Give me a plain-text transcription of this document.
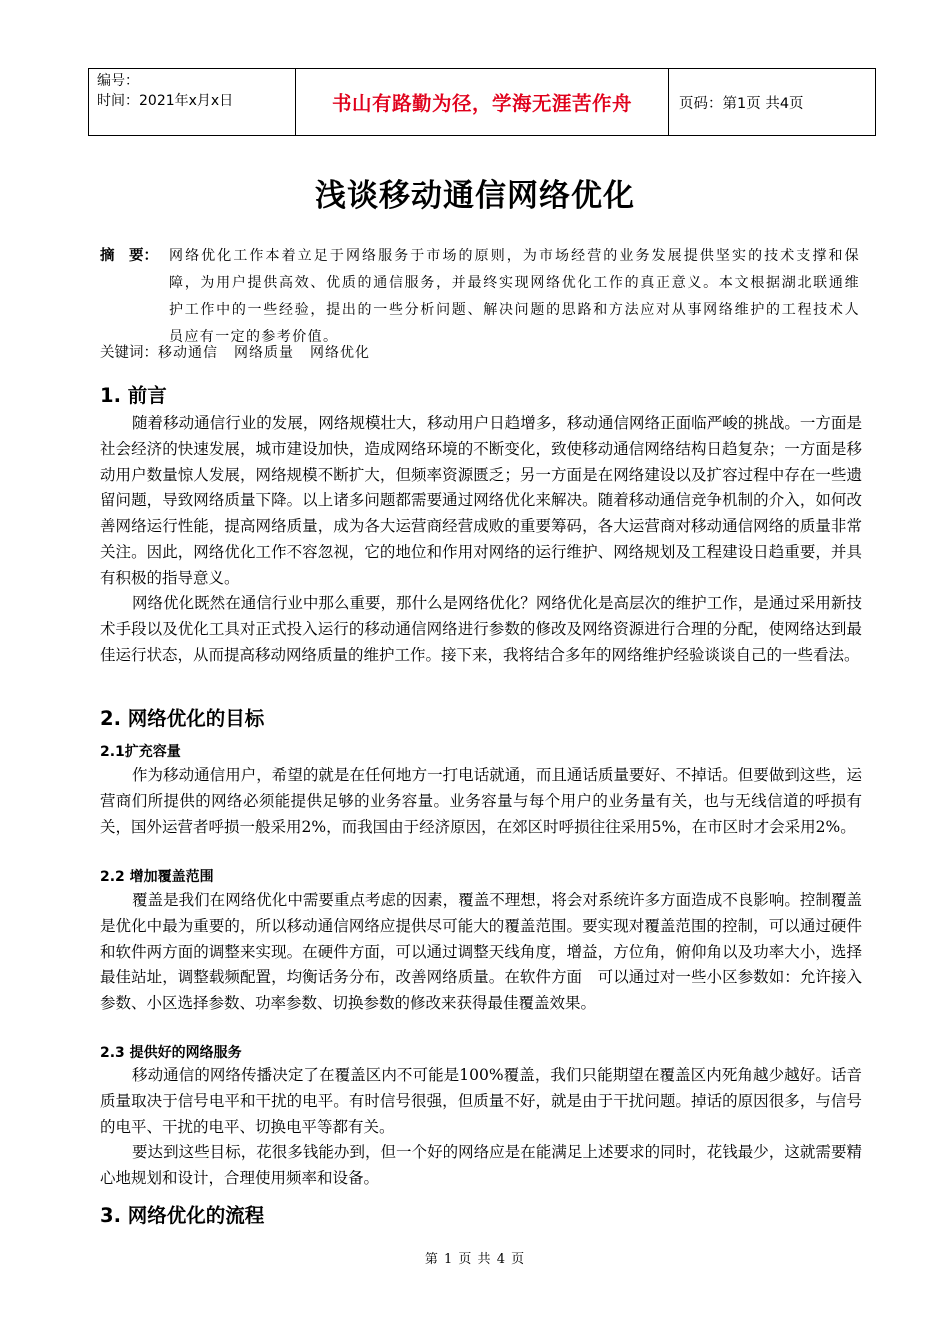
编号：
时间：2021年x月x日	书山有路勤为径，学海无涯苦作舟	页码：第1页 共4页
浅谈移动通信网络优化
摘　要： 网络优化工作本着立足于网络服务于市场的原则，为市场经营的业务发展提供坚实的技术支撑和保障，为用户提供高效、优质的通信服务，并最终实现网络优化工作的真正意义。本文根据湖北联通维护工作中的一些经验，提出的一些分析问题、解决问题的思路和方法应对从事网络维护的工程技术人员应有一定的参考价值。
关键词：移动通信 网络质量 网络优化
1. 前言

随着移动通信行业的发展，网络规模壮大，移动用户日趋增多，移动通信网络正面临严峻的挑战。一方面是社会经济的快速发展，城市建设加快，造成网络环境的不断变化，致使移动通信网络结构日趋复杂；一方面是移动用户数量惊人发展，网络规模不断扩大，但频率资源匮乏；另一方面是在网络建设以及扩容过程中存在一些遗留问题，导致网络质量下降。以上诸多问题都需要通过网络优化来解决。随着移动通信竞争机制的介入，如何改善网络运行性能，提高网络质量，成为各大运营商经营成败的重要筹码，各大运营商对移动通信网络的质量非常关注。因此，网络优化工作不容忽视，它的地位和作用对网络的运行维护、网络规划及工程建设日趋重要，并具有积极的指导意义。

网络优化既然在通信行业中那么重要，那什么是网络优化？网络优化是高层次的维护工作，是通过采用新技术手段以及优化工具对正式投入运行的移动通信网络进行参数的修改及网络资源进行合理的分配，使网络达到最佳运行状态，从而提高移动网络质量的维护工作。接下来，我将结合多年的网络维护经验谈谈自己的一些看法。

2. 网络优化的目标
2.1扩充容量

作为移动通信用户，希望的就是在任何地方一打电话就通，而且通话质量要好、不掉话。但要做到这些，运营商们所提供的网络必须能提供足够的业务容量。业务容量与每个用户的业务量有关，也与无线信道的呼损有关，国外运营者呼损一般采用2%，而我国由于经济原因，在郊区时呼损往往采用5%，在市区时才会采用2%。

2.2 增加覆盖范围

覆盖是我们在网络优化中需要重点考虑的因素，覆盖不理想，将会对系统许多方面造成不良影响。控制覆盖是优化中最为重要的，所以移动通信网络应提供尽可能大的覆盖范围。要实现对覆盖范围的控制，可以通过硬件和软件两方面的调整来实现。在硬件方面，可以通过调整天线角度，增益，方位角，俯仰角以及功率大小，选择最佳站址，调整载频配置，均衡话务分布，改善网络质量。在软件方面　可以通过对一些小区参数如：允许接入参数、小区选择参数、功率参数、切换参数的修改来获得最佳覆盖效果。

2.3 提供好的网络服务

移动通信的网络传播决定了在覆盖区内不可能是100%覆盖，我们只能期望在覆盖区内死角越少越好。话音质量取决于信号电平和干扰的电平。有时信号很强，但质量不好，就是由于干扰问题。掉话的原因很多，与信号的电平、干扰的电平、切换电平等都有关。

要达到这些目标，花很多钱能办到，但一个好的网络应是在能满足上述要求的同时，花钱最少，这就需要精心地规划和设计，合理使用频率和设备。

3. 网络优化的流程
第 1 页 共 4 页
